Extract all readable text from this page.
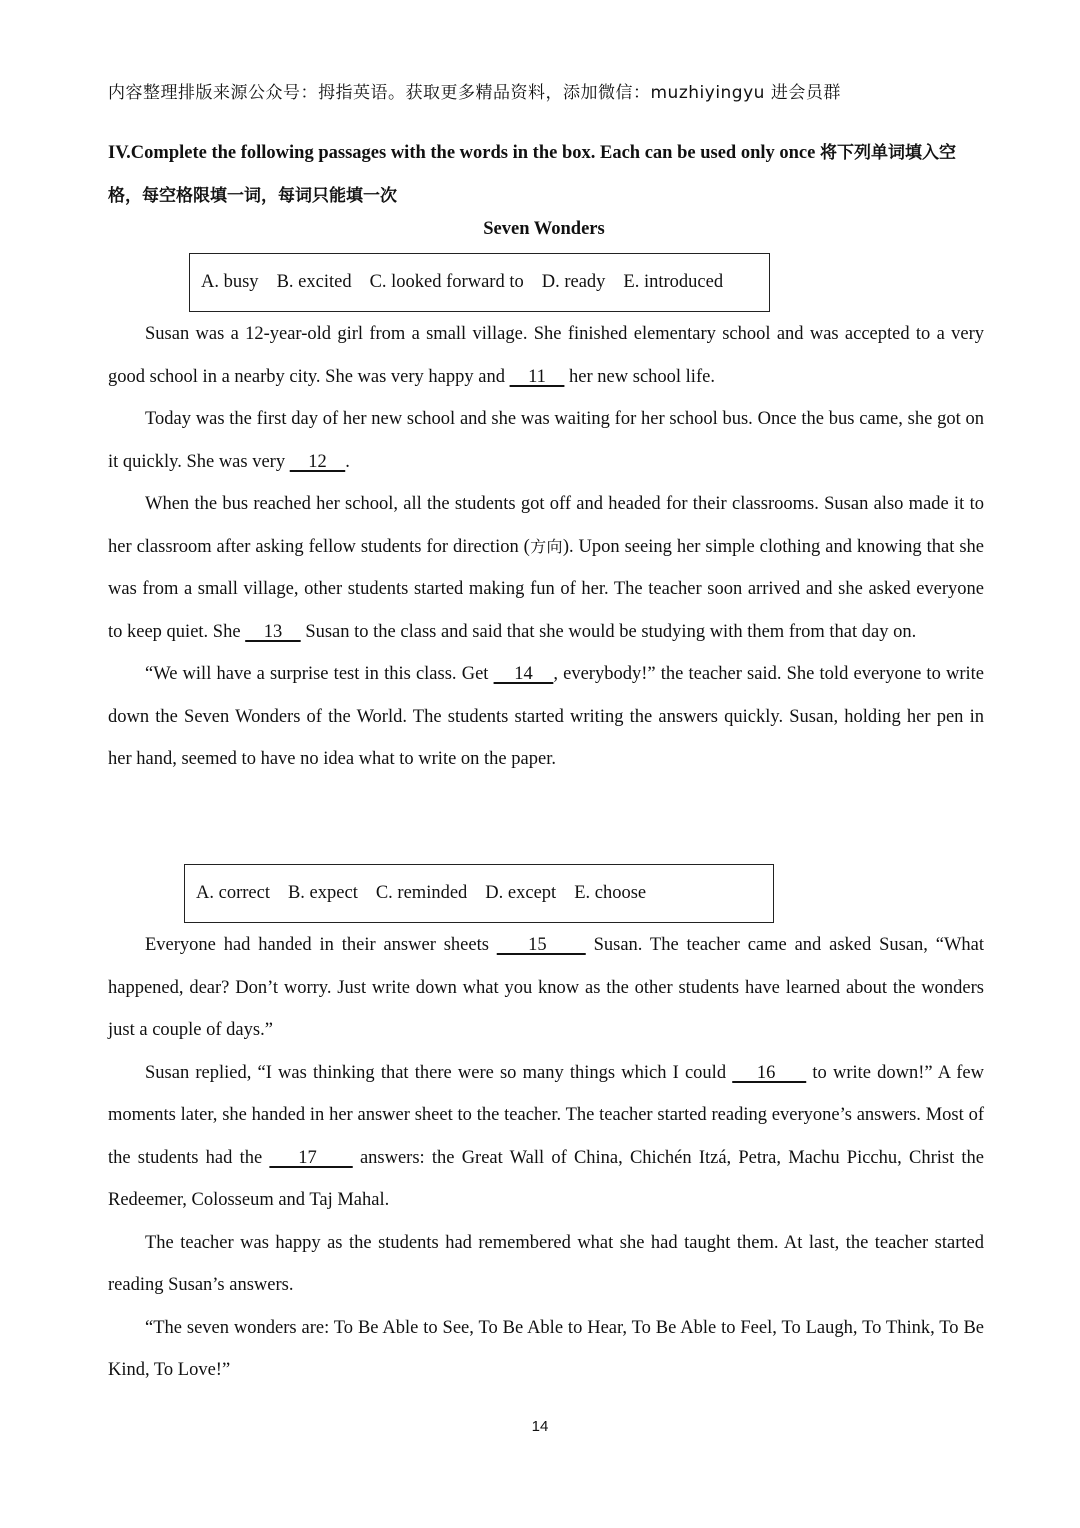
内容整理排版来源公众号：拇指英语。获取更多精品资料，添加微信：muzhiyingyu 进会员群
IV.Complete the following passages with the words in the box. Each can be used only once 将下列单词填入空格，每空格限填一词，每词只能填一次
Seven Wonders
A. busy B. excited C. looked forward to D. ready E. introduced

Susan was a 12-year-old girl from a small village. She finished elementary school and was accepted to a very good school in a nearby city. She was very happy and     11     her new school life.

Today was the first day of her new school and she was waiting for her school bus. Once the bus came, she got on it quickly. She was very     12    .

When the bus reached her school, all the students got off and headed for their classrooms. Susan also made it to her classroom after asking fellow students for direction (方向). Upon seeing her simple clothing and knowing that she was from a small village, other students started making fun of her. The teacher soon arrived and she asked everyone to keep quiet. She     13     Susan to the class and said that she would be studying with them from that day on.

“We will have a surprise test in this class. Get     14    , everybody!” the teacher said. She told everyone to write down the Seven Wonders of the World. The students started writing the answers quickly. Susan, holding her pen in her hand, seemed to have no idea what to write on the paper.

A. correct B. expect C. reminded D. except E. choose

Everyone had handed in their answer sheets     15      Susan. The teacher came and asked Susan, “What happened, dear? Don’t worry. Just write down what you know as the other students have learned about the wonders just a couple of days.”

Susan replied, “I was thinking that there were so many things which I could     16      to write down!” A few moments later, she handed in her answer sheet to the teacher. The teacher started reading everyone’s answers. Most of the students had the     17      answers: the Great Wall of China, Chichén Itzá, Petra, Machu Picchu, Christ the Redeemer, Colosseum and Taj Mahal.

The teacher was happy as the students had remembered what she had taught them. At last, the teacher started reading Susan’s answers.

“The seven wonders are: To Be Able to See, To Be Able to Hear, To Be Able to Feel, To Laugh, To Think, To Be Kind, To Love!”

14
